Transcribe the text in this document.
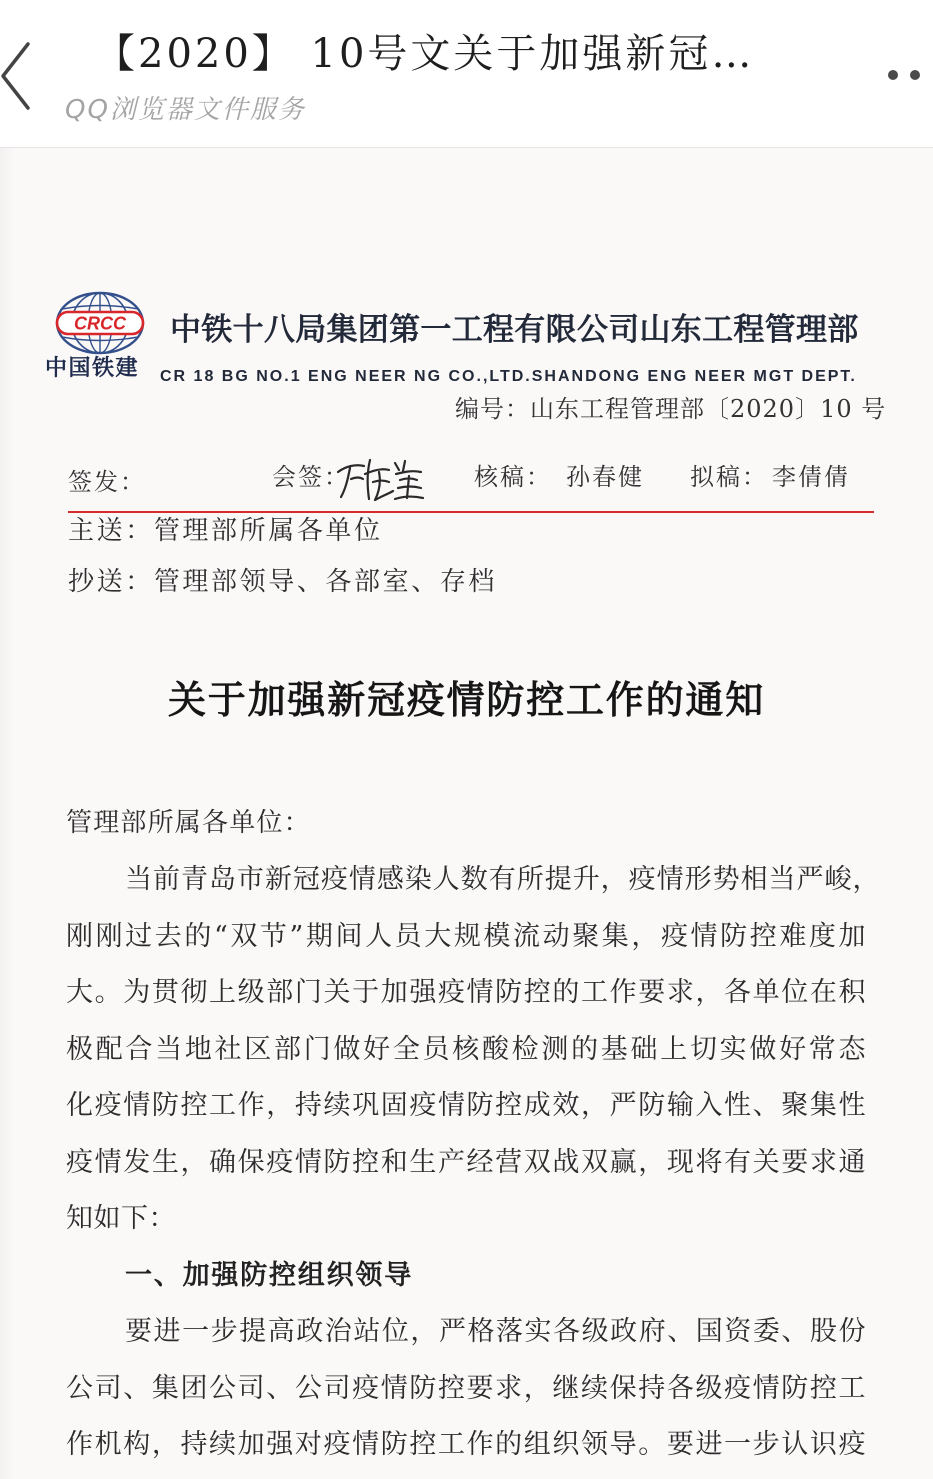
【2020】 10号文关于加强新冠…
QQ浏览器文件服务
CRCC
中国铁建
中铁十八局集团第一工程有限公司山东工程管理部
CR 18 BG NO.1 ENG NEER NG CO.,LTD.SHANDONG ENG NEER MGT DEPT.
编号：山东工程管理部〔2020〕10 号
签发：	会签：	核稿： 孙春健 拟稿： 李倩倩
主送：管理部所属各单位
抄送：管理部领导、各部室、存档
关于加强新冠疫情防控工作的通知
管理部所属各单位：
当前青岛市新冠疫情感染人数有所提升，疫情形势相当严峻，
刚刚过去的“双节”期间人员大规模流动聚集，疫情防控难度加
大。为贯彻上级部门关于加强疫情防控的工作要求，各单位在积
极配合当地社区部门做好全员核酸检测的基础上切实做好常态
化疫情防控工作，持续巩固疫情防控成效，严防输入性、聚集性
疫情发生，确保疫情防控和生产经营双战双赢，现将有关要求通
知如下：
一、加强防控组织领导
要进一步提高政治站位，严格落实各级政府、国资委、股份
公司、集团公司、公司疫情防控要求，继续保持各级疫情防控工
作机构，持续加强对疫情防控工作的组织领导。要进一步认识疫
